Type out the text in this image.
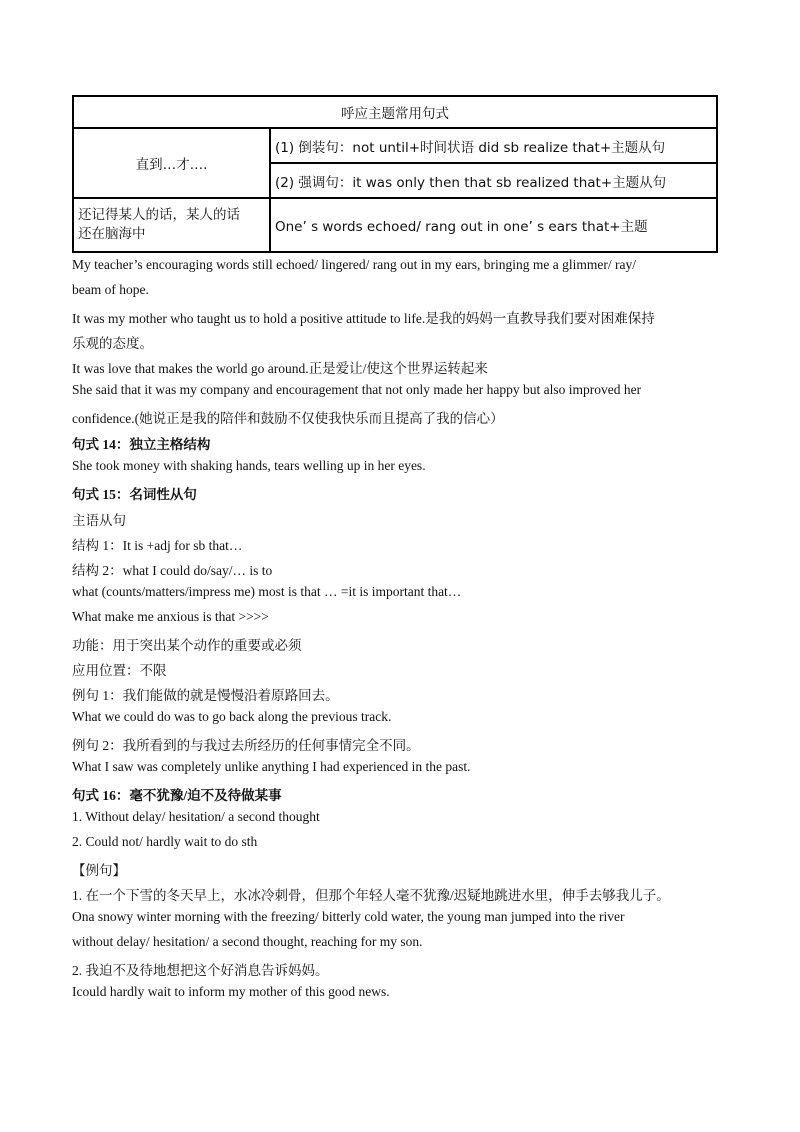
呼应主题常用句式	
直到…才….	(1) 倒装句：not until+时间状语 did sb realize that+主题从句
	(2) 强调句：it was only then that sb realized that+主题从句

还记得某人的话，某人的话
还在脑海中	One’ s words echoed/ rang out in one’ s ears that+主题
My teacher’s encouraging words still echoed/ lingered/ rang out in my ears, bringing me a glimmer/ ray/
beam of hope.
It was my mother who taught us to hold a positive attitude to life.是我的妈妈一直教导我们要对困难保持
乐观的态度。
It was love that makes the world go around.正是爱让/使这个世界运转起来
She said that it was my company and encouragement that not only made her happy but also improved her
confidence.(她说正是我的陪伴和鼓励不仅使我快乐而且提高了我的信心）
句式 14：独立主格结构
She took money with shaking hands, tears welling up in her eyes.
句式 15：名词性从句
主语从句
结构 1：It is +adj for sb that…
结构 2：what I could do/say/… is to
what (counts/matters/impress me) most is that … =it is important that…
What make me anxious is that >>>>
功能：用于突出某个动作的重要或必须
应用位置：不限
例句 1：我们能做的就是慢慢沿着原路回去。
What we could do was to go back along the previous track.
例句 2：我所看到的与我过去所经历的任何事情完全不同。
What I saw was completely unlike anything I had experienced in the past.
句式 16：毫不犹豫/迫不及待做某事
1. Without delay/ hesitation/ a second thought
2. Could not/ hardly wait to do sth
【例句】
1. 在一个下雪的冬天早上，水冰冷刺骨，但那个年轻人毫不犹豫/迟疑地跳进水里，伸手去够我儿子。
Ona snowy winter morning with the freezing/ bitterly cold water, the young man jumped into the river
without delay/ hesitation/ a second thought, reaching for my son.
2. 我迫不及待地想把这个好消息告诉妈妈。
Icould hardly wait to inform my mother of this good news.
